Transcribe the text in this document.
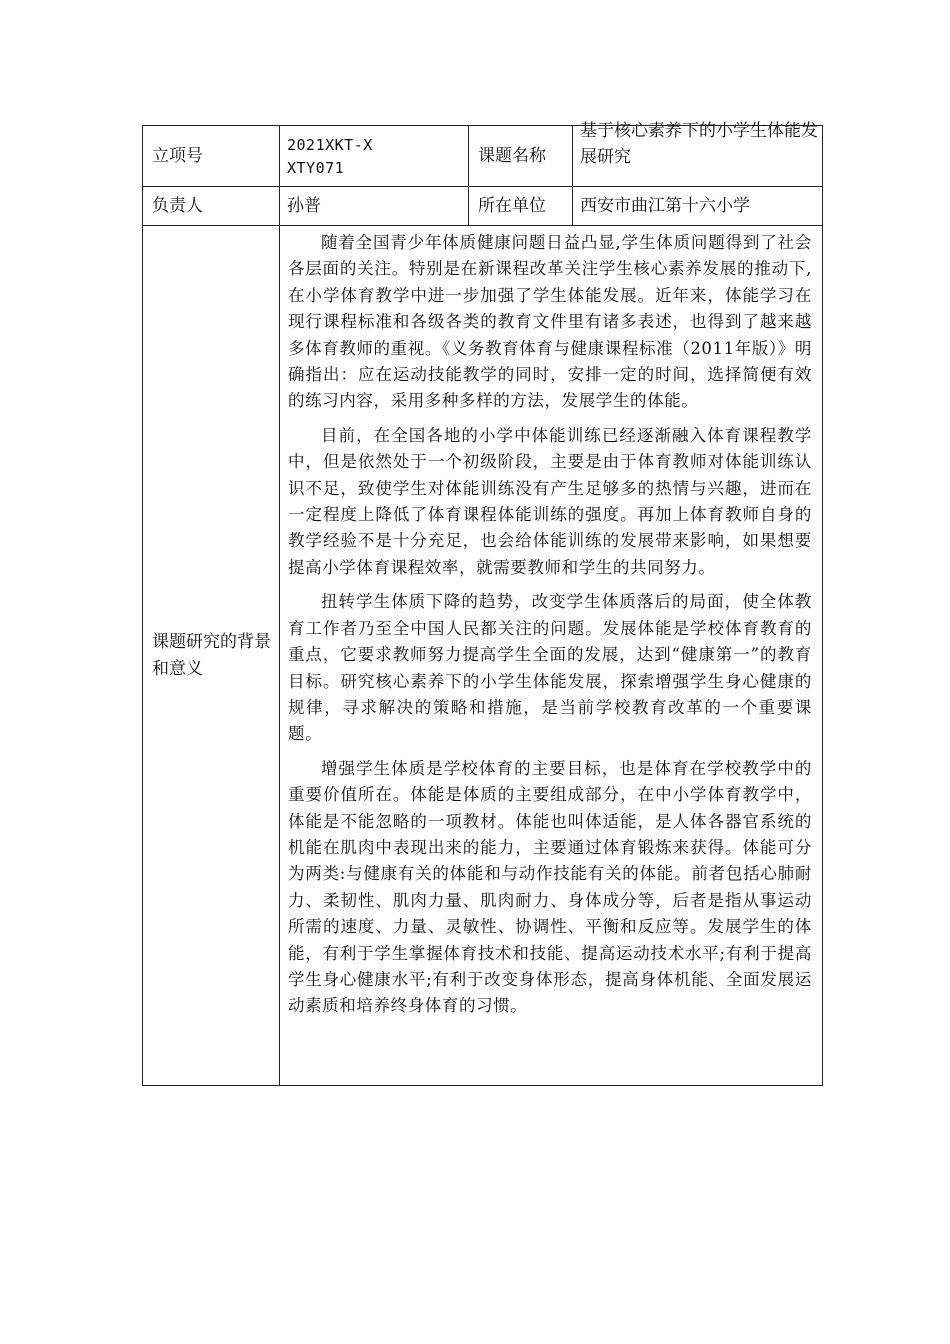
立项号	2021XKT-XXTY071	课题名称	基于核心素养下的小学生体能发展研究

负责人	孙普	所在单位	西安市曲江第十六小学
课题研究的背景和意义	随着全国青少年体质健康问题日益凸显,学生体质问题得到了社会各层面的关注。特别是在新课程改革关注学生核心素养发展的推动下,在小学体育教学中进一步加强了学生体能发展。近年来，体能学习在现行课程标准和各级各类的教育文件里有诸多表述，也得到了越来越多体育教师的重视。《义务教育体育与健康课程标准（2011年版）》明确指出：应在运动技能教学的同时，安排一定的时间，选择简便有效的练习内容，采用多种多样的方法，发展学生的体能。

目前，在全国各地的小学中体能训练已经逐渐融入体育课程教学中，但是依然处于一个初级阶段，主要是由于体育教师对体能训练认识不足，致使学生对体能训练没有产生足够多的热情与兴趣，进而在一定程度上降低了体育课程体能训练的强度。再加上体育教师自身的教学经验不是十分充足，也会给体能训练的发展带来影响，如果想要提高小学体育课程效率，就需要教师和学生的共同努力。

扭转学生体质下降的趋势，改变学生体质落后的局面，使全体教育工作者乃至全中国人民都关注的问题。发展体能是学校体育教育的重点，它要求教师努力提高学生全面的发展，达到“健康第一”的教育目标。研究核心素养下的小学生体能发展，探索增强学生身心健康的规律，寻求解决的策略和措施，是当前学校教育改革的一个重要课题。

增强学生体质是学校体育的主要目标，也是体育在学校教学中的重要价值所在。体能是体质的主要组成部分，在中小学体育教学中，体能是不能忽略的一项教材。体能也叫体适能，是人体各器官系统的机能在肌肉中表现出来的能力，主要通过体育锻炼来获得。体能可分为两类:与健康有关的体能和与动作技能有关的体能。前者包括心肺耐力、柔韧性、肌肉力量、肌肉耐力、身体成分等，后者是指从事运动所需的速度、力量、灵敏性、协调性、平衡和反应等。发展学生的体能，有利于学生掌握体育技术和技能、提高运动技术水平;有利于提高学生身心健康水平;有利于改变身体形态，提高身体机能、全面发展运动素质和培养终身体育的习惯。		
